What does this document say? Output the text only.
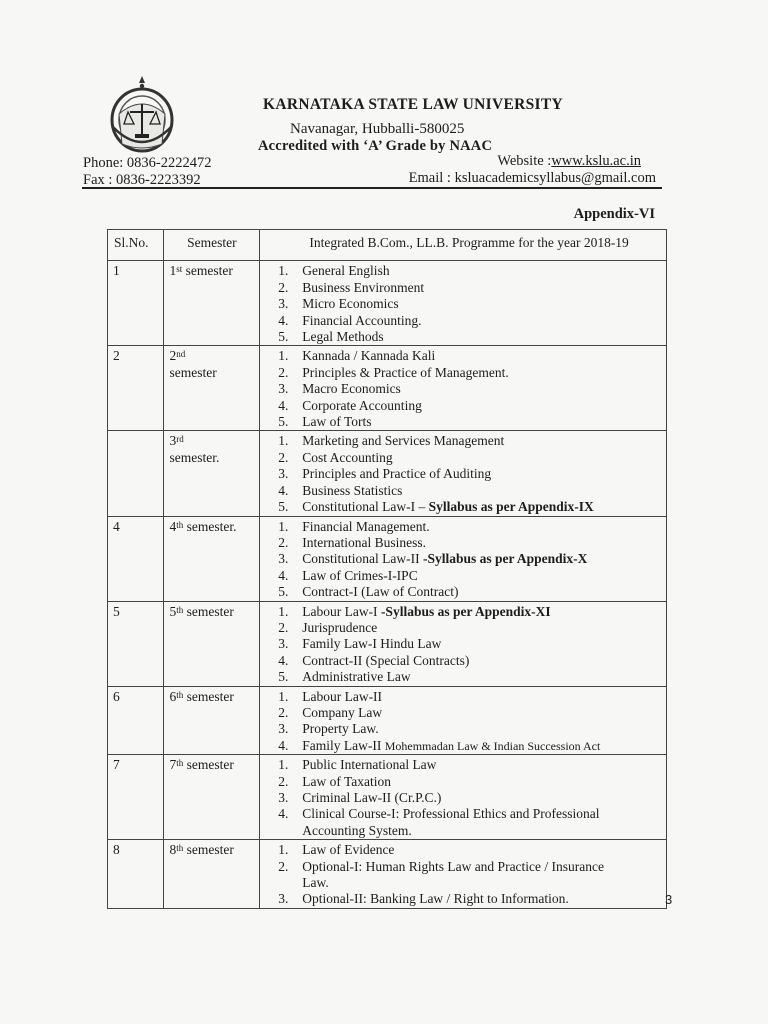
KARNATAKA STATE LAW UNIVERSITY
Navanagar, Hubballi-580025
Accredited with ‘A’ Grade by NAAC
Phone: 0836-2222472
Fax : 0836-2223392
Website :www.kslu.ac.in
Email : ksluacademicsyllabus@gmail.com
Appendix-VI
Sl.No.	Semester	Integrated B.Com., LL.B. Programme for the year 2018-19
1	1st semester	1. General English
2. Business Environment
3. Micro Economics
4. Financial Accounting.
5. Legal Methods

2	2nd
semester	1. Kannada / Kannada Kali
2. Principles & Practice of Management.
3. Macro Economics
4. Corporate Accounting
5. Law of Torts

	3rd
semester.	1. Marketing and Services Management
2. Cost Accounting
3. Principles and Practice of Auditing
4. Business Statistics
5. Constitutional Law-I – Syllabus as per Appendix-IX

4	4th semester.	1. Financial Management.
2. International Business.
3. Constitutional Law-II -Syllabus as per Appendix-X
4. Law of Crimes-I-IPC
5. Contract-I (Law of Contract)

5	5th semester	1. Labour Law-I -Syllabus as per Appendix-XI
2. Jurisprudence
3. Family Law-I Hindu Law
4. Contract-II (Special Contracts)
5. Administrative Law

6	6th semester	1. Labour Law-II
2. Company Law
3. Property Law.
4. Family Law-II Mohemmadan Law & Indian Succession Act

7	7th semester	1. Public International Law
2. Law of Taxation
3. Criminal Law-II (Cr.P.C.)
4. Clinical Course-I: Professional Ethics and Professional
Accounting System.

8	8th semester	1. Law of Evidence
2. Optional-I: Human Rights Law and Practice / Insurance
Law.
3. Optional-II: Banking Law / Right to Information.	3
